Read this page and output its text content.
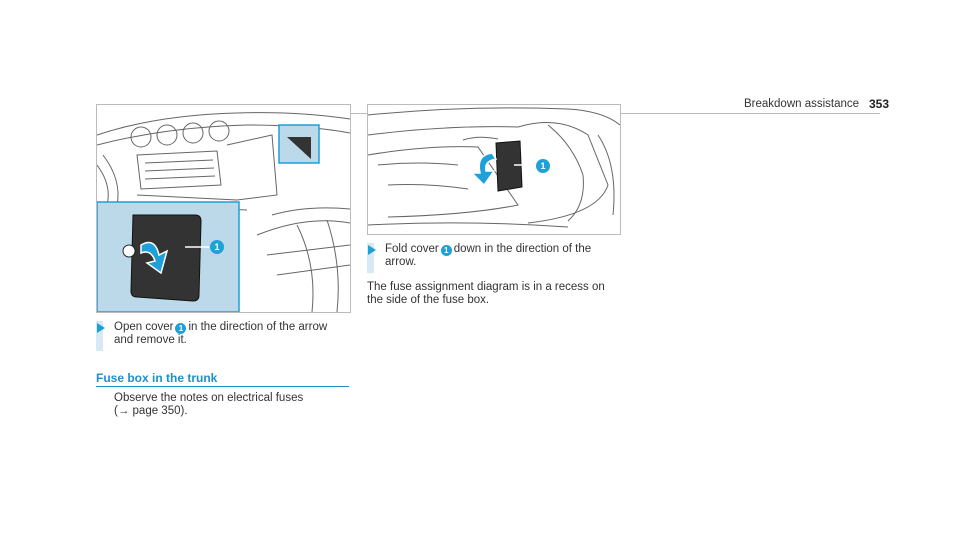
Breakdown assistance 353
1
1
Open cover 1 in the direction of the arrow
and remove it.
Fuse box in the trunk
Observe the notes on electrical fuses
(→ page 350).
Fold cover 1 down in the direction of the
arrow.
The fuse assignment diagram is in a recess on
the side of the fuse box.
